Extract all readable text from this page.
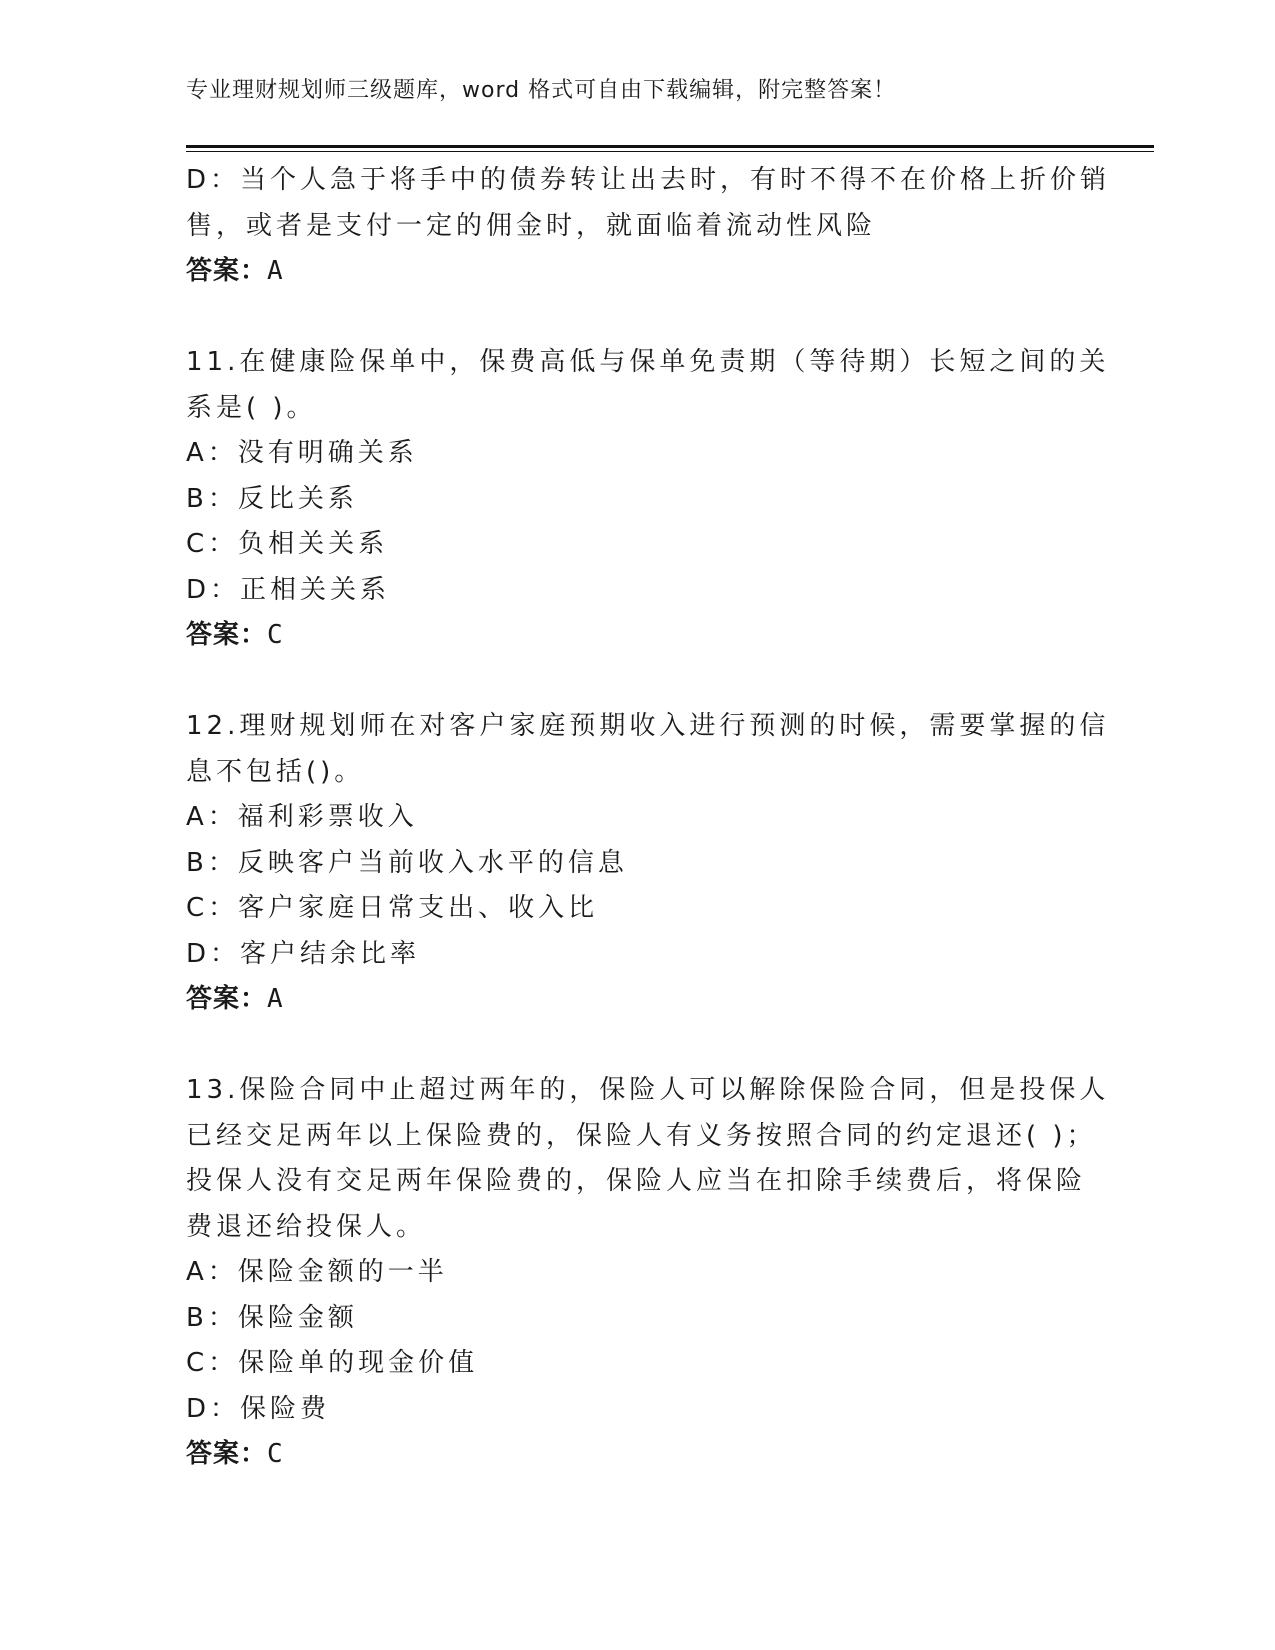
专业理财规划师三级题库，word 格式可自由下载编辑，附完整答案！
D：当个人急于将手中的债券转让出去时，有时不得不在价格上折价销
售，或者是支付一定的佣金时，就面临着流动性风险
答案：A
11.在健康险保单中，保费高低与保单免责期（等待期）长短之间的关
系是( )。
A：没有明确关系
B：反比关系
C：负相关关系
D：正相关关系
答案：C
12.理财规划师在对客户家庭预期收入进行预测的时候，需要掌握的信
息不包括()。
A：福利彩票收入
B：反映客户当前收入水平的信息
C：客户家庭日常支出、收入比
D：客户结余比率
答案：A
13.保险合同中止超过两年的，保险人可以解除保险合同，但是投保人
已经交足两年以上保险费的，保险人有义务按照合同的约定退还( )；
投保人没有交足两年保险费的，保险人应当在扣除手续费后，将保险
费退还给投保人。
A：保险金额的一半
B：保险金额
C：保险单的现金价值
D：保险费
答案：C
